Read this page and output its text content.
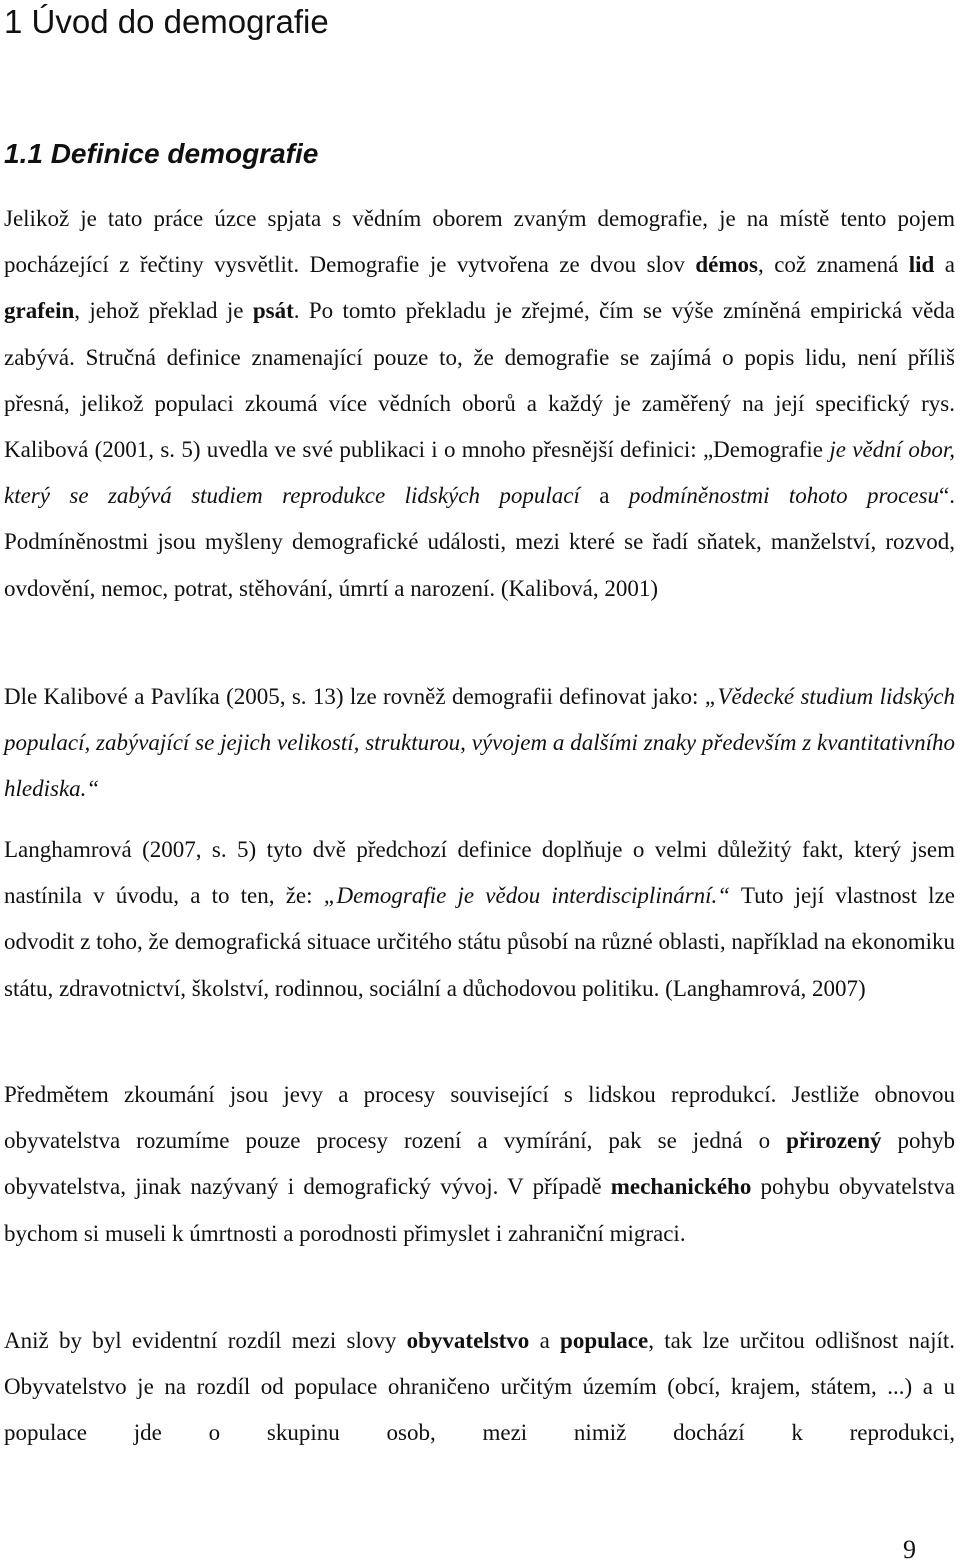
1 Úvod do demografie
1.1 Definice demografie

Jelikož je tato práce úzce spjata s vědním oborem zvaným demografie, je na místě tento pojem pocházející z řečtiny vysvětlit. Demografie je vytvořena ze dvou slov démos, což znamená lid a grafein, jehož překlad je psát. Po tomto překladu je zřejmé, čím se výše zmíněná empirická věda zabývá. Stručná definice znamenající pouze to, že demografie se zajímá o popis lidu, není příliš přesná, jelikož populaci zkoumá více vědních oborů a každý je zaměřený na její specifický rys. Kalibová (2001, s. 5) uvedla ve své publikaci i o mnoho přesnější definici: „Demografie je vědní obor, který se zabývá studiem reprodukce lidských populací a podmíněnostmi tohoto procesu“. Podmíněnostmi jsou myšleny demografické události, mezi které se řadí sňatek, manželství, rozvod, ovdovění, nemoc, potrat, stěhování, úmrtí a narození. (Kalibová, 2001)

Dle Kalibové a Pavlíka (2005, s. 13) lze rovněž demografii definovat jako: „Vědecké studium lidských populací, zabývající se jejich velikostí, strukturou, vývojem a dalšími znaky především z kvantitativního hlediska.“

Langhamrová (2007, s. 5) tyto dvě předchozí definice doplňuje o velmi důležitý fakt, který jsem nastínila v úvodu, a to ten, že: „Demografie je vědou interdisciplinární.“ Tuto její vlastnost lze odvodit z toho, že demografická situace určitého státu působí na různé oblasti, například na ekonomiku státu, zdravotnictví, školství, rodinnou, sociální a důchodovou politiku. (Langhamrová, 2007)

Předmětem zkoumání jsou jevy a procesy související s lidskou reprodukcí. Jestliže obnovou obyvatelstva rozumíme pouze procesy rození a vymírání, pak se jedná o přirozený pohyb obyvatelstva, jinak nazývaný i demografický vývoj. V případě mechanického pohybu obyvatelstva bychom si museli k úmrtnosti a porodnosti přimyslet i zahraniční migraci.

Aniž by byl evidentní rozdíl mezi slovy obyvatelstvo a populace, tak lze určitou odlišnost najít. Obyvatelstvo je na rozdíl od populace ohraničeno určitým územím (obcí, krajem, státem, ...) a u populace jde o skupinu osob, mezi nimiž dochází k reprodukci,

9
